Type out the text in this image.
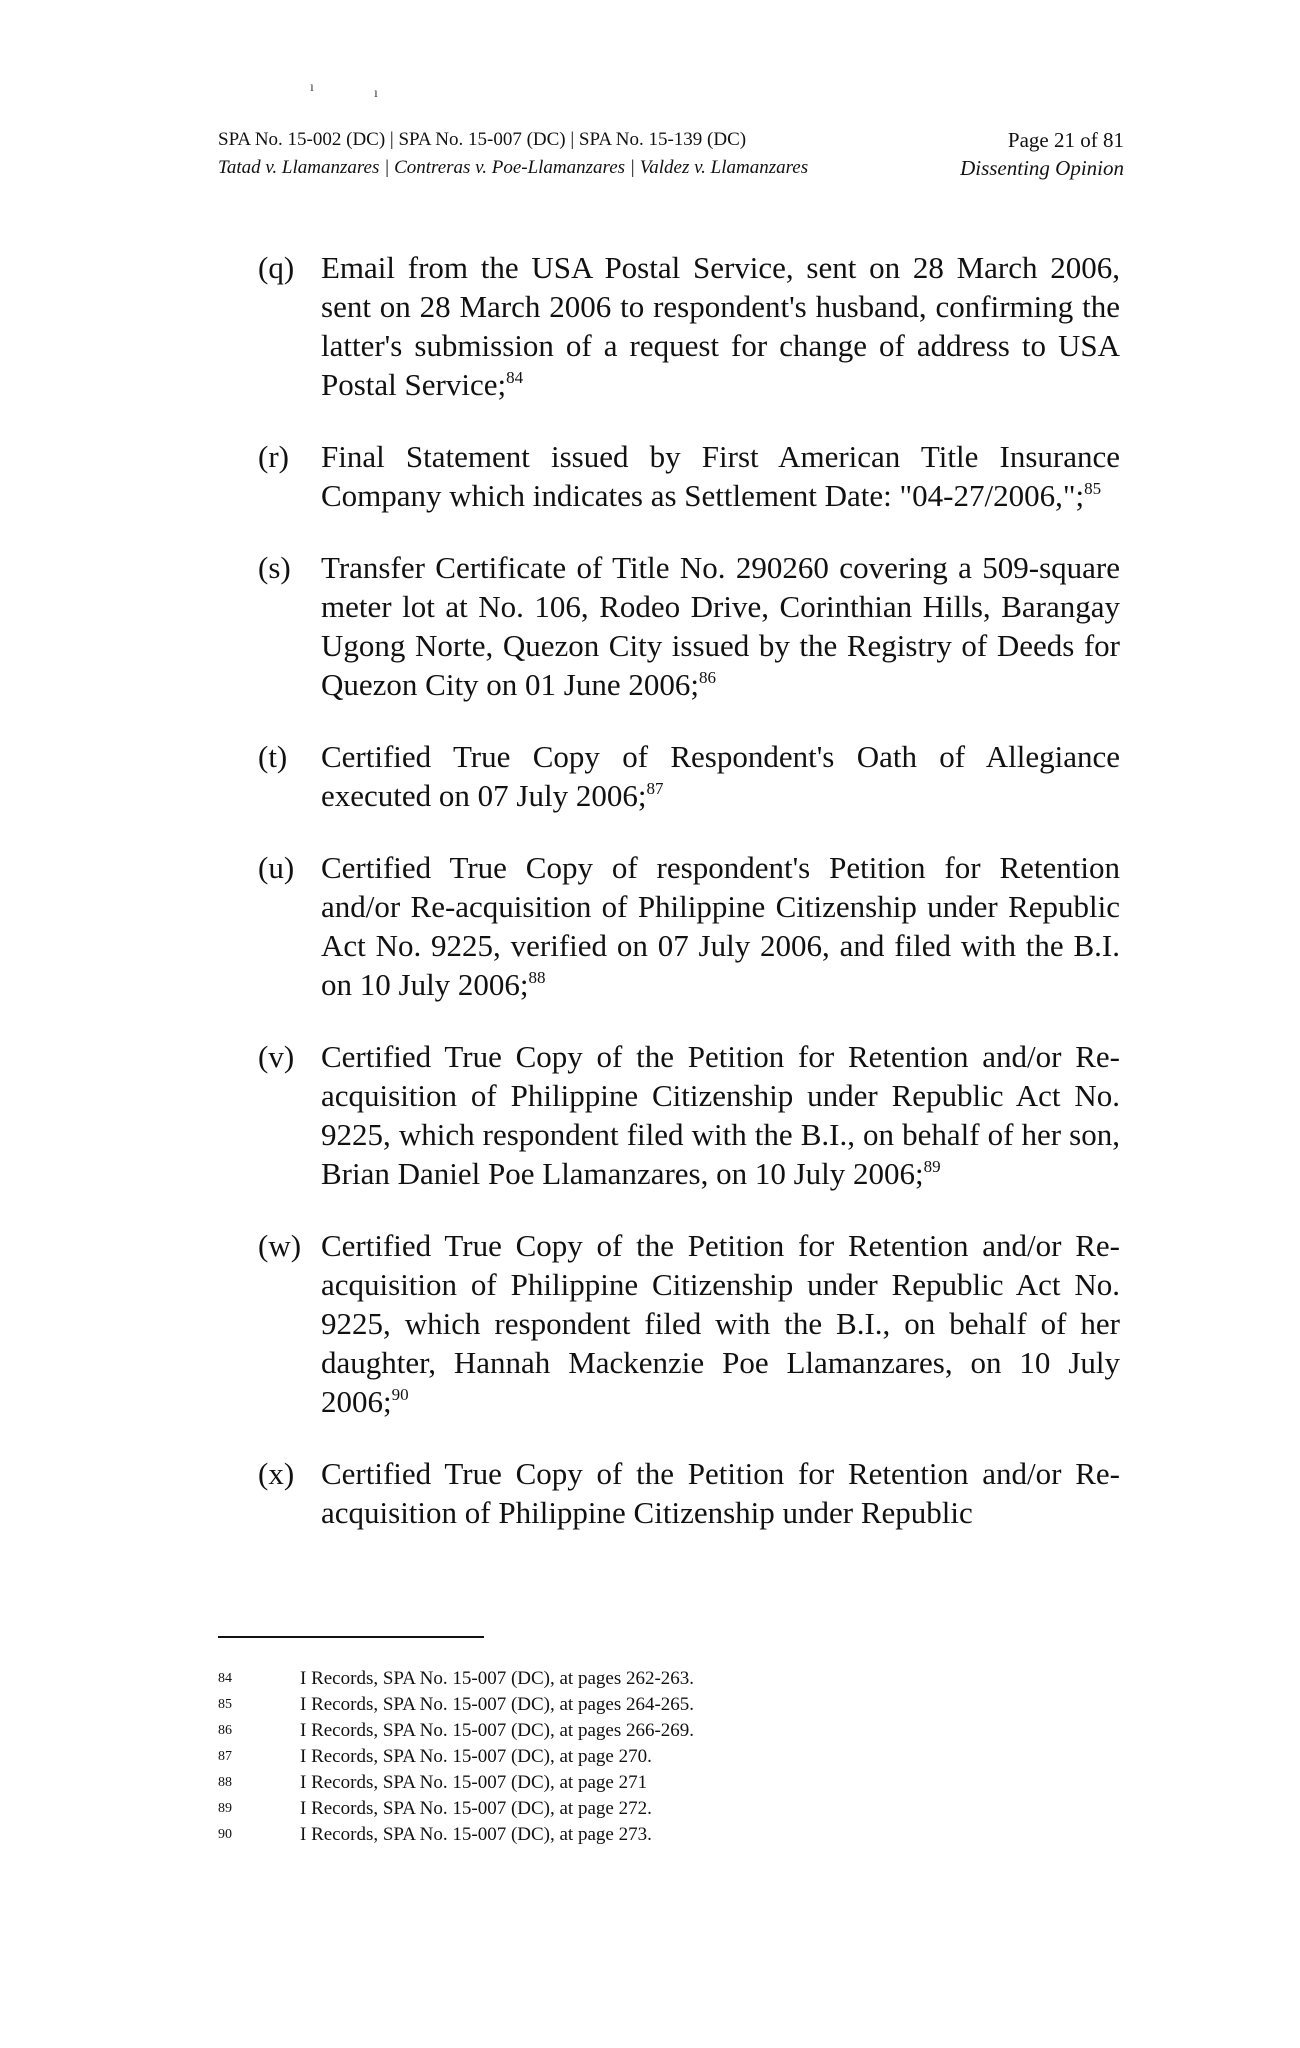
ı	ı
SPA No. 15-002 (DC) | SPA No. 15-007 (DC) | SPA No. 15-139 (DC)
Tatad v. Llamanzares | Contreras v. Poe-Llamanzares | Valdez v. Llamanzares
Page 21 of 81
Dissenting Opinion
(q) Email from the USA Postal Service, sent on 28 March 2006, sent on 28 March 2006 to respondent's husband, confirming the latter's submission of a request for change of address to USA Postal Service;$^{84}$
(r) Final Statement issued by First American Title Insurance Company which indicates as Settlement Date: "04-27/2006,";$^{85}$
(s) Transfer Certificate of Title No. 290260 covering a 509-square meter lot at No. 106, Rodeo Drive, Corinthian Hills, Barangay Ugong Norte, Quezon City issued by the Registry of Deeds for Quezon City on 01 June 2006;$^{86}$
(t) Certified True Copy of Respondent's Oath of Allegiance executed on 07 July 2006;$^{87}$
(u) Certified True Copy of respondent's Petition for Retention and/or Re-acquisition of Philippine Citizenship under Republic Act No. 9225, verified on 07 July 2006, and filed with the B.I. on 10 July 2006;$^{88}$
(v) Certified True Copy of the Petition for Retention and/or Re-acquisition of Philippine Citizenship under Republic Act No. 9225, which respondent filed with the B.I., on behalf of her son, Brian Daniel Poe Llamanzares, on 10 July 2006;$^{89}$
(w) Certified True Copy of the Petition for Retention and/or Re-acquisition of Philippine Citizenship under Republic Act No. 9225, which respondent filed with the B.I., on behalf of her daughter, Hannah Mackenzie Poe Llamanzares, on 10 July 2006;$^{90}$
(x) Certified True Copy of the Petition for Retention and/or Re-acquisition of Philippine Citizenship under Republic
84	I Records, SPA No. 15-007 (DC), at pages 262-263.
85	I Records, SPA No. 15-007 (DC), at pages 264-265.
86	I Records, SPA No. 15-007 (DC), at pages 266-269.
87	I Records, SPA No. 15-007 (DC), at page 270.
88	I Records, SPA No. 15-007 (DC), at page 271
89	I Records, SPA No. 15-007 (DC), at page 272.
90	I Records, SPA No. 15-007 (DC), at page 273.
